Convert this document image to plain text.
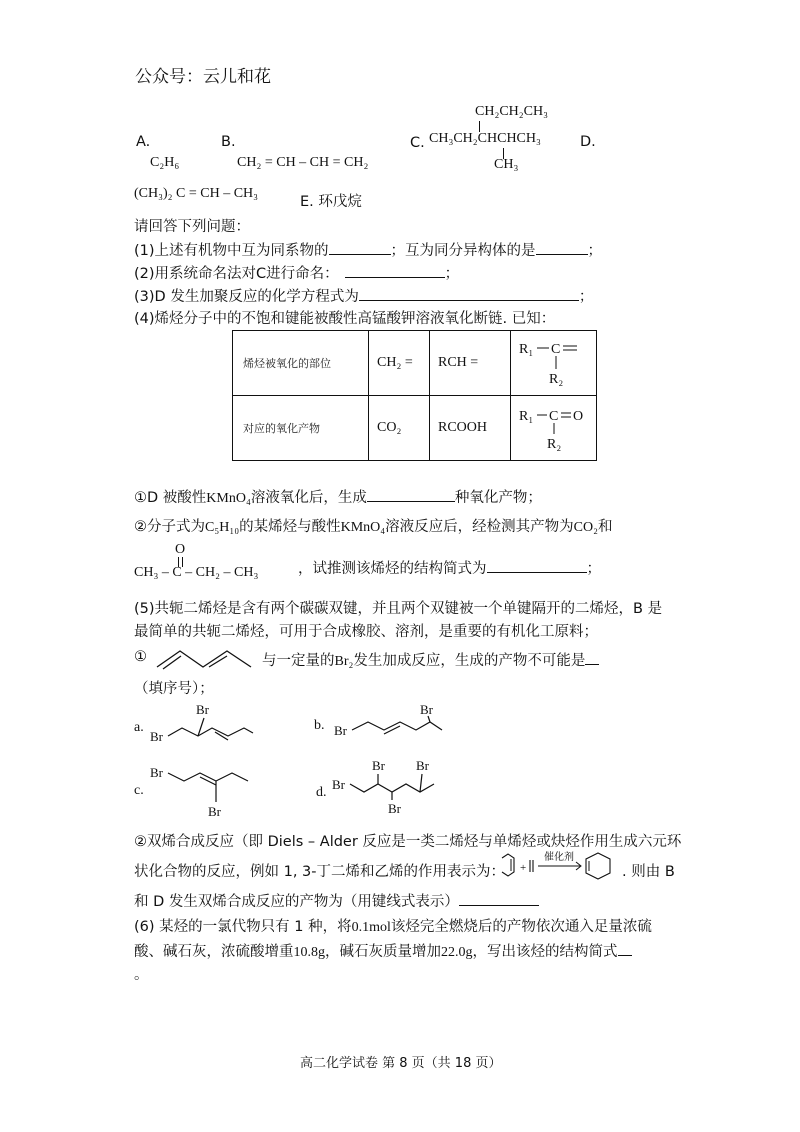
公众号：云儿和花
A.
C₂H₆
B.
CH₂ = CH – CH = CH₂
C.
CH₂CH₂CH₃
CH₃CH₂CHCHCH₃
CH₃
D.
(CH₃)₂ C = CH – CH₃
E. 环戊烷
请回答下列问题：
(1)上述有机物中互为同系物的	；互为同分异构体的是	；
(2)用系统命名法对C进行命名：	；
(3)D 发生加聚反应的化学方程式为	；
(4)烯烃分子中的不饱和键能被酸性高锰酸钾溶液氧化断链. 已知：
烯烃被氧化的部位	CH₂ =	RCH =	R₁ C
R₂

对应的氧化产物	CO₂	RCOOH	R₁ C O
R₂
①D 被酸性KMnO₄溶液氧化后，生成	种氧化产物；
②分子式为C₅H₁₀的某烯烃与酸性KMnO₄溶液反应后，经检测其产物为CO₂和
O
CH₃ – C – CH₂ – CH₃	，试推测该烯烃的结构简式为	；
(5)共轭二烯烃是含有两个碳碳双键，并且两个双键被一个单键隔开的二烯烃，B 是
最简单的共轭二烯烃，可用于合成橡胶、溶剂，是重要的有机化工原料；
①	与一定量的Br₂发生加成反应，生成的产物不可能是
（填序号）；
a.
Br
Br
b. Br
Br
c.
Br
Br
d.
Br Br
Br
Br
②双烯合成反应（即 Diels – Alder 反应是一类二烯烃与单烯烃或炔烃作用生成六元环
状化合物的反应，例如 1, 3-丁二烯和乙烯的作用表示为： +
催化剂
. 则由 B
和 D 发生双烯合成反应的产物为（用键线式表示）
(6) 某烃的一氯代物只有 1 种，将0.1mol该烃完全燃烧后的产物依次通入足量浓硫
酸、碱石灰，浓硫酸增重10.8g，碱石灰质量增加22.0g，写出该烃的结构简式
。
高二化学试卷 第 8 页（共 18 页）
